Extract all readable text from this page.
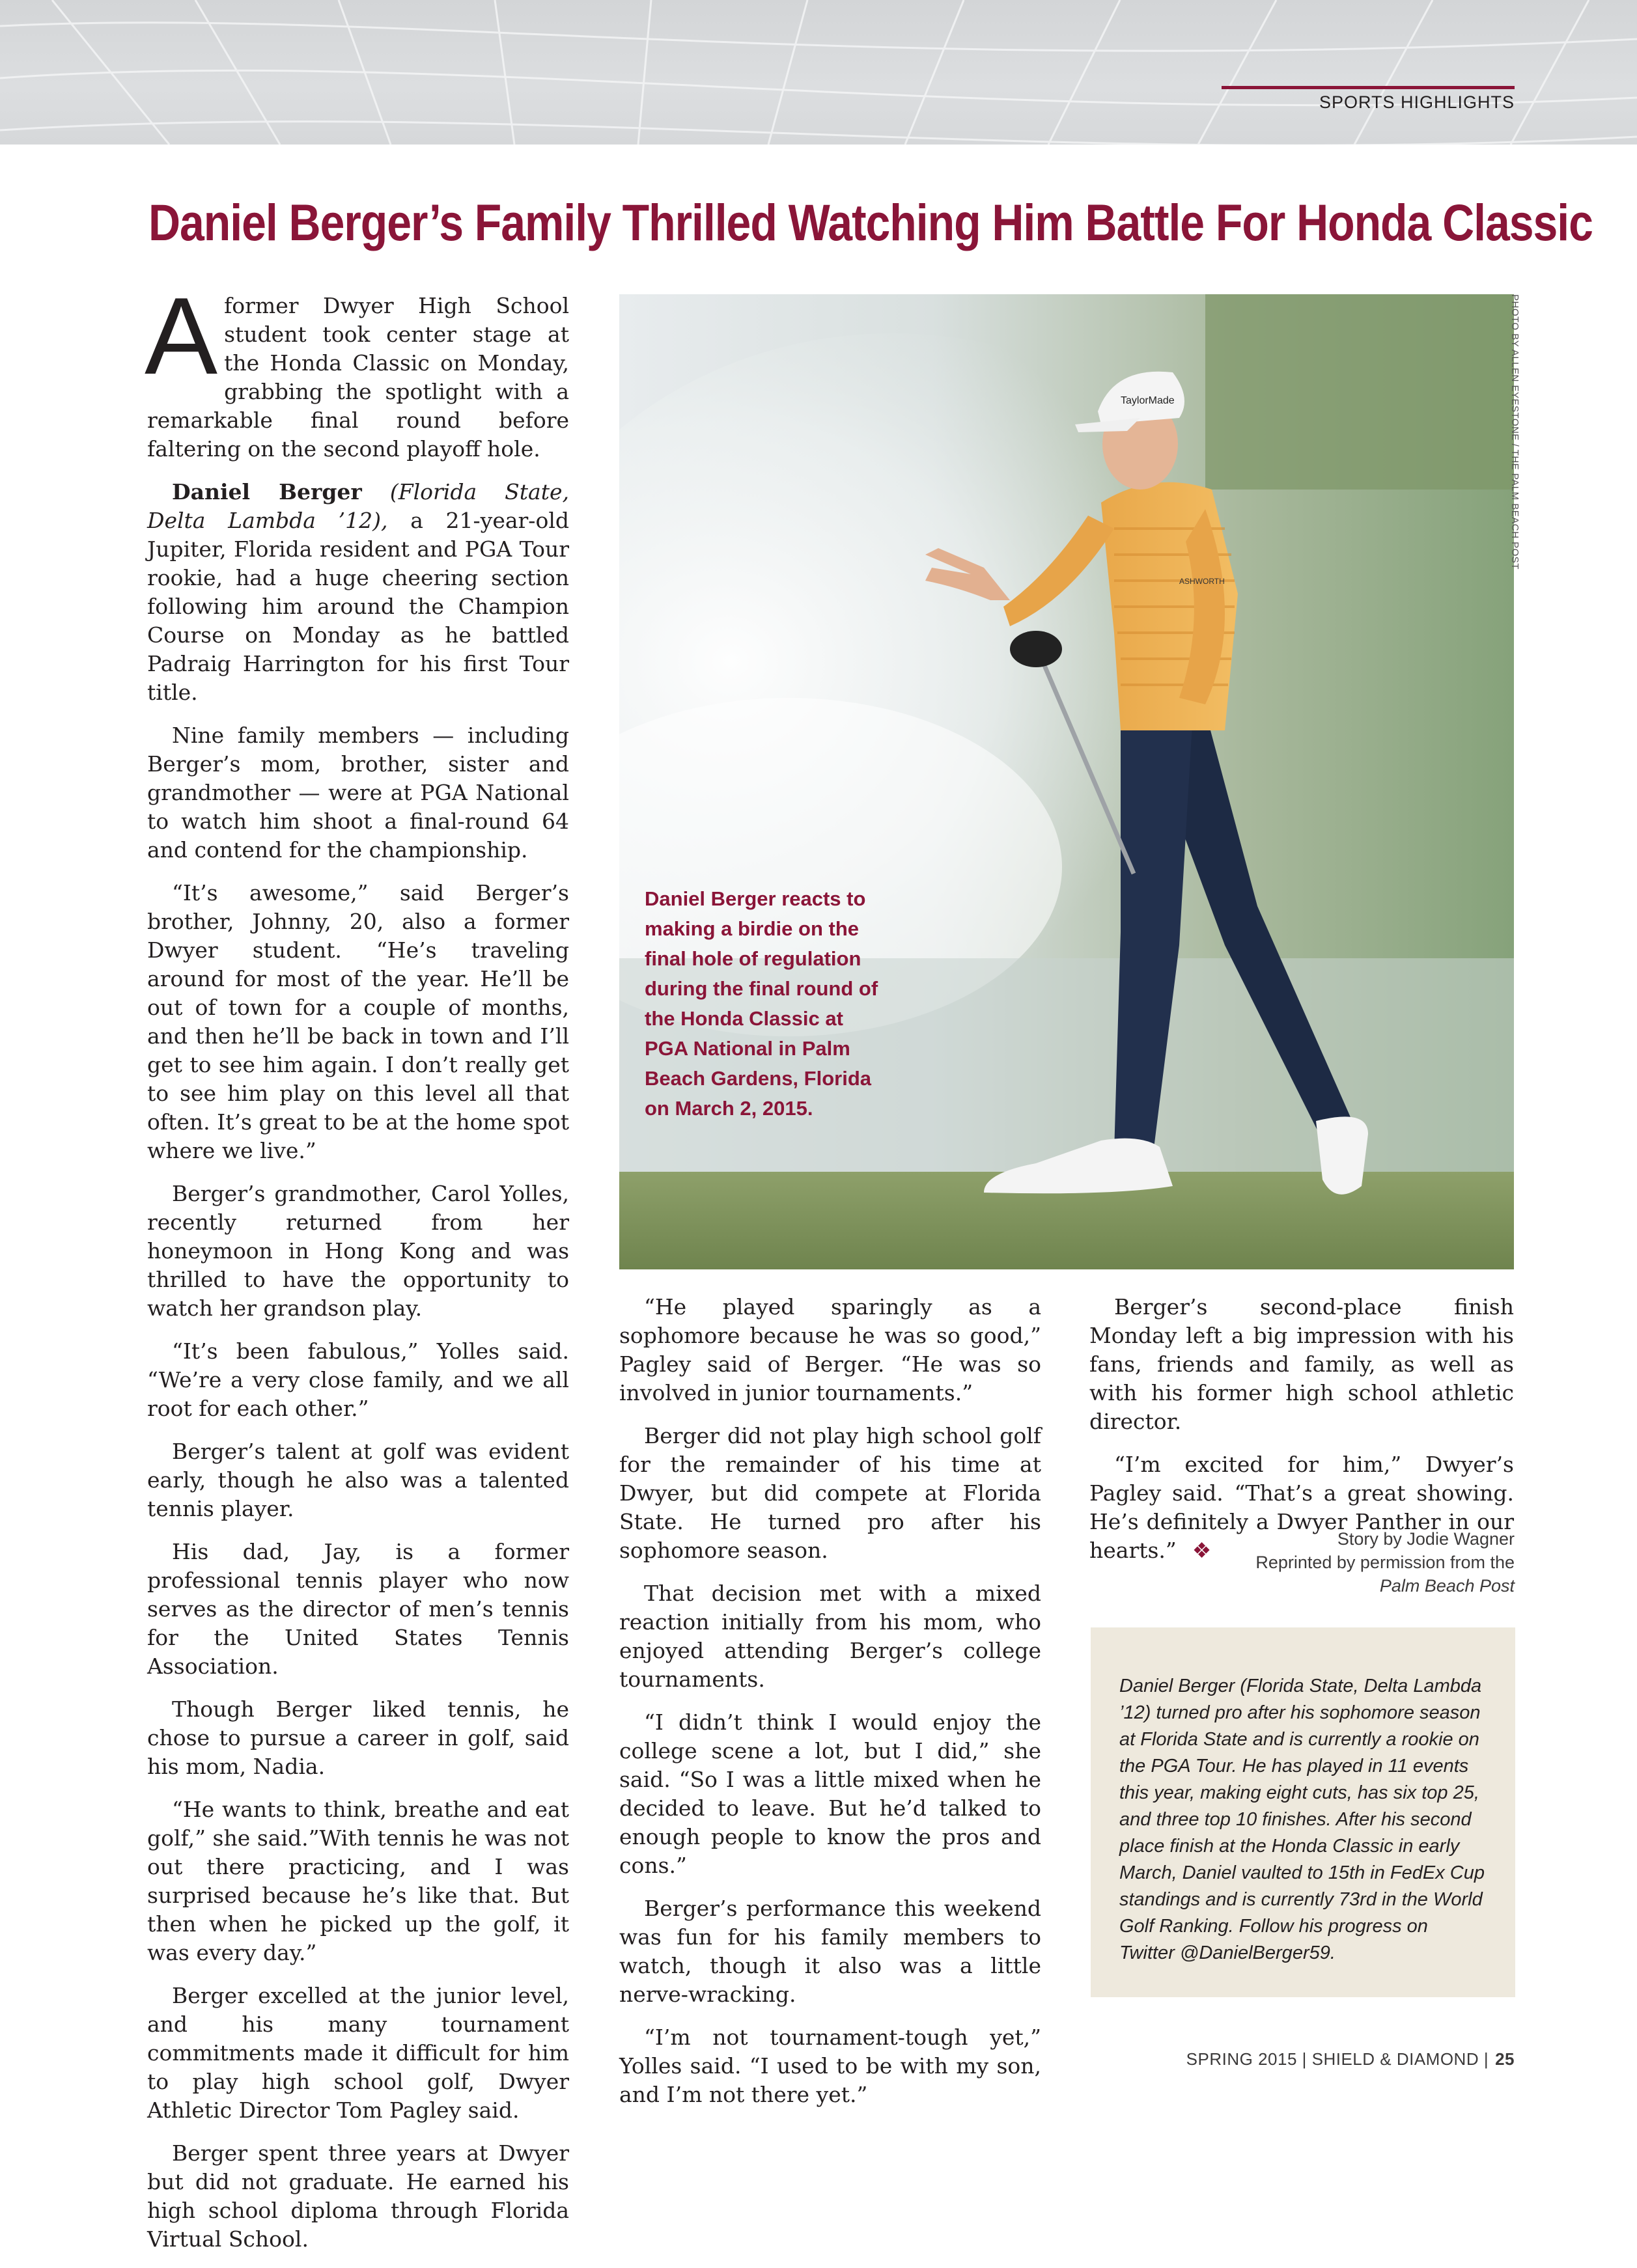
SPORTS HIGHLIGHTS
Daniel Berger’s Family Thrilled Watching Him Battle For Honda Classic

Aformer Dwyer High School student took center stage at the Honda Classic on Monday, grabbing the spotlight with a remarkable final round before faltering on the second playoff hole.

Daniel Berger (Florida State, Delta Lambda ’12), a 21-year-old Jupiter, Florida resident and PGA Tour rookie, had a huge cheering section following him around the Champion Course on Monday as he battled Padraig Harrington for his first Tour title.

Nine family members — including Berger’s mom, brother, sister and grandmother — were at PGA National to watch him shoot a final-round 64 and contend for the championship.

“It’s awesome,” said Berger’s brother, Johnny, 20, also a former Dwyer student. “He’s traveling around for most of the year. He’ll be out of town for a couple of months, and then he’ll be back in town and I’ll get to see him again. I don’t really get to see him play on this level all that often. It’s great to be at the home spot where we live.”

Berger’s grandmother, Carol Yolles, recently returned from her honeymoon in Hong Kong and was thrilled to have the opportunity to watch her grandson play.

“It’s been fabulous,” Yolles said. “We’re a very close family, and we all root for each other.”

Berger’s talent at golf was evident early, though he also was a talented tennis player.

His dad, Jay, is a former professional tennis player who now serves as the director of men’s tennis for the United States Tennis Association.

Though Berger liked tennis, he chose to pursue a career in golf, said his mom, Nadia.

“He wants to think, breathe and eat golf,” she said.”With tennis he was not out there practicing, and I was surprised because he’s like that. But then when he picked up the golf, it was every day.”

Berger excelled at the junior level, and his many tournament commitments made it difficult for him to play high school golf, Dwyer Athletic Director Tom Pagley said.

Berger spent three years at Dwyer but did not graduate. He earned his high school diploma through Florida Virtual School.

TaylorMade
ASHWORTH
Daniel Berger reacts to making a birdie on the final hole of regulation during the final round of the Honda Classic at PGA National in Palm Beach Gardens, Florida on March 2, 2015.
PHOTO BY ALLEN EYESTONE / THE PALM BEACH POST

“He played sparingly as a sophomore because he was so good,” Pagley said of Berger. “He was so involved in junior tournaments.”

Berger did not play high school golf for the remainder of his time at Dwyer, but did compete at Florida State. He turned pro after his sophomore season.

That decision met with a mixed reaction initially from his mom, who enjoyed attending Berger’s college tournaments.

“I didn’t think I would enjoy the college scene a lot, but I did,” she said. “So I was a little mixed when he decided to leave. But he’d talked to enough people to know the pros and cons.”

Berger’s performance this weekend was fun for his family members to watch, though it also was a little nerve-wracking.

“I’m not tournament-tough yet,” Yolles said. “I used to be with my son, and I’m not there yet.”

Berger’s second-place finish Monday left a big impression with his fans, friends and family, as well as with his former high school athletic director.

“I’m excited for him,” Dwyer’s Pagley said. “That’s a great showing. He’s definitely a Dwyer Panther in our hearts.” ❖	Story by Jodie Wagner
Reprinted by permission from the
Palm Beach Post
Daniel Berger (Florida State, Delta Lambda ’12) turned pro after his sophomore season at Florida State and is currently a rookie on the PGA Tour. He has played in 11 events this year, making eight cuts, has six top 25, and three top 10 finishes. After his second place finish at the Honda Classic in early March, Daniel vaulted to 15th in FedEx Cup standings and is currently 73rd in the World Golf Ranking. Follow his progress on Twitter @DanielBerger59.
SPRING 2015 | SHIELD & DIAMOND | 25
